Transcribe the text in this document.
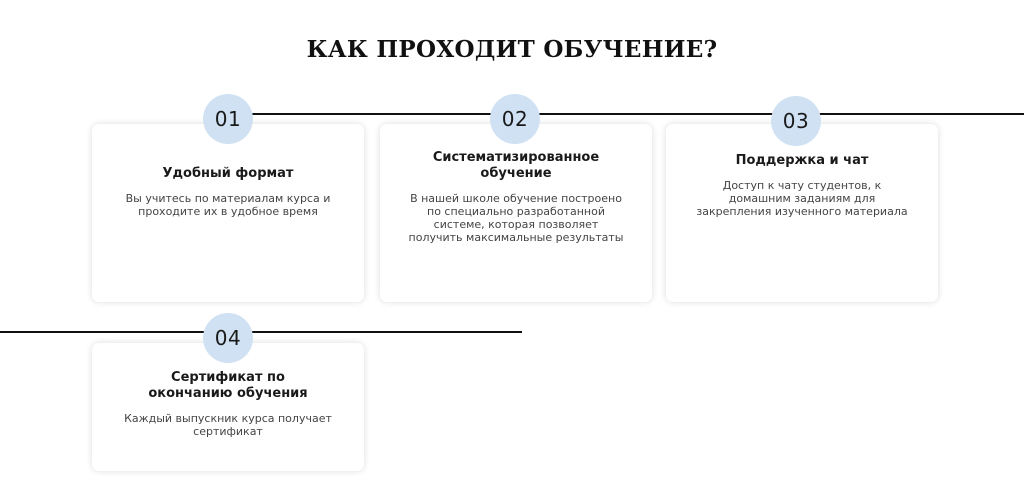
КАК ПРОХОДИТ ОБУЧЕНИЕ?
Удобный формат
Вы учитесь по материалам курса и проходите их в удобное время
01
Систематизированное
обучение
В нашей школе обучение построено по специально разработанной системе, которая позволяет получить максимальные результаты
02
Поддержка и чат
Доступ к чату студентов, к домашним заданиям для закрепления изученного материала
03
Сертификат по
окончанию обучения
Каждый выпускник курса получает сертификат
04
